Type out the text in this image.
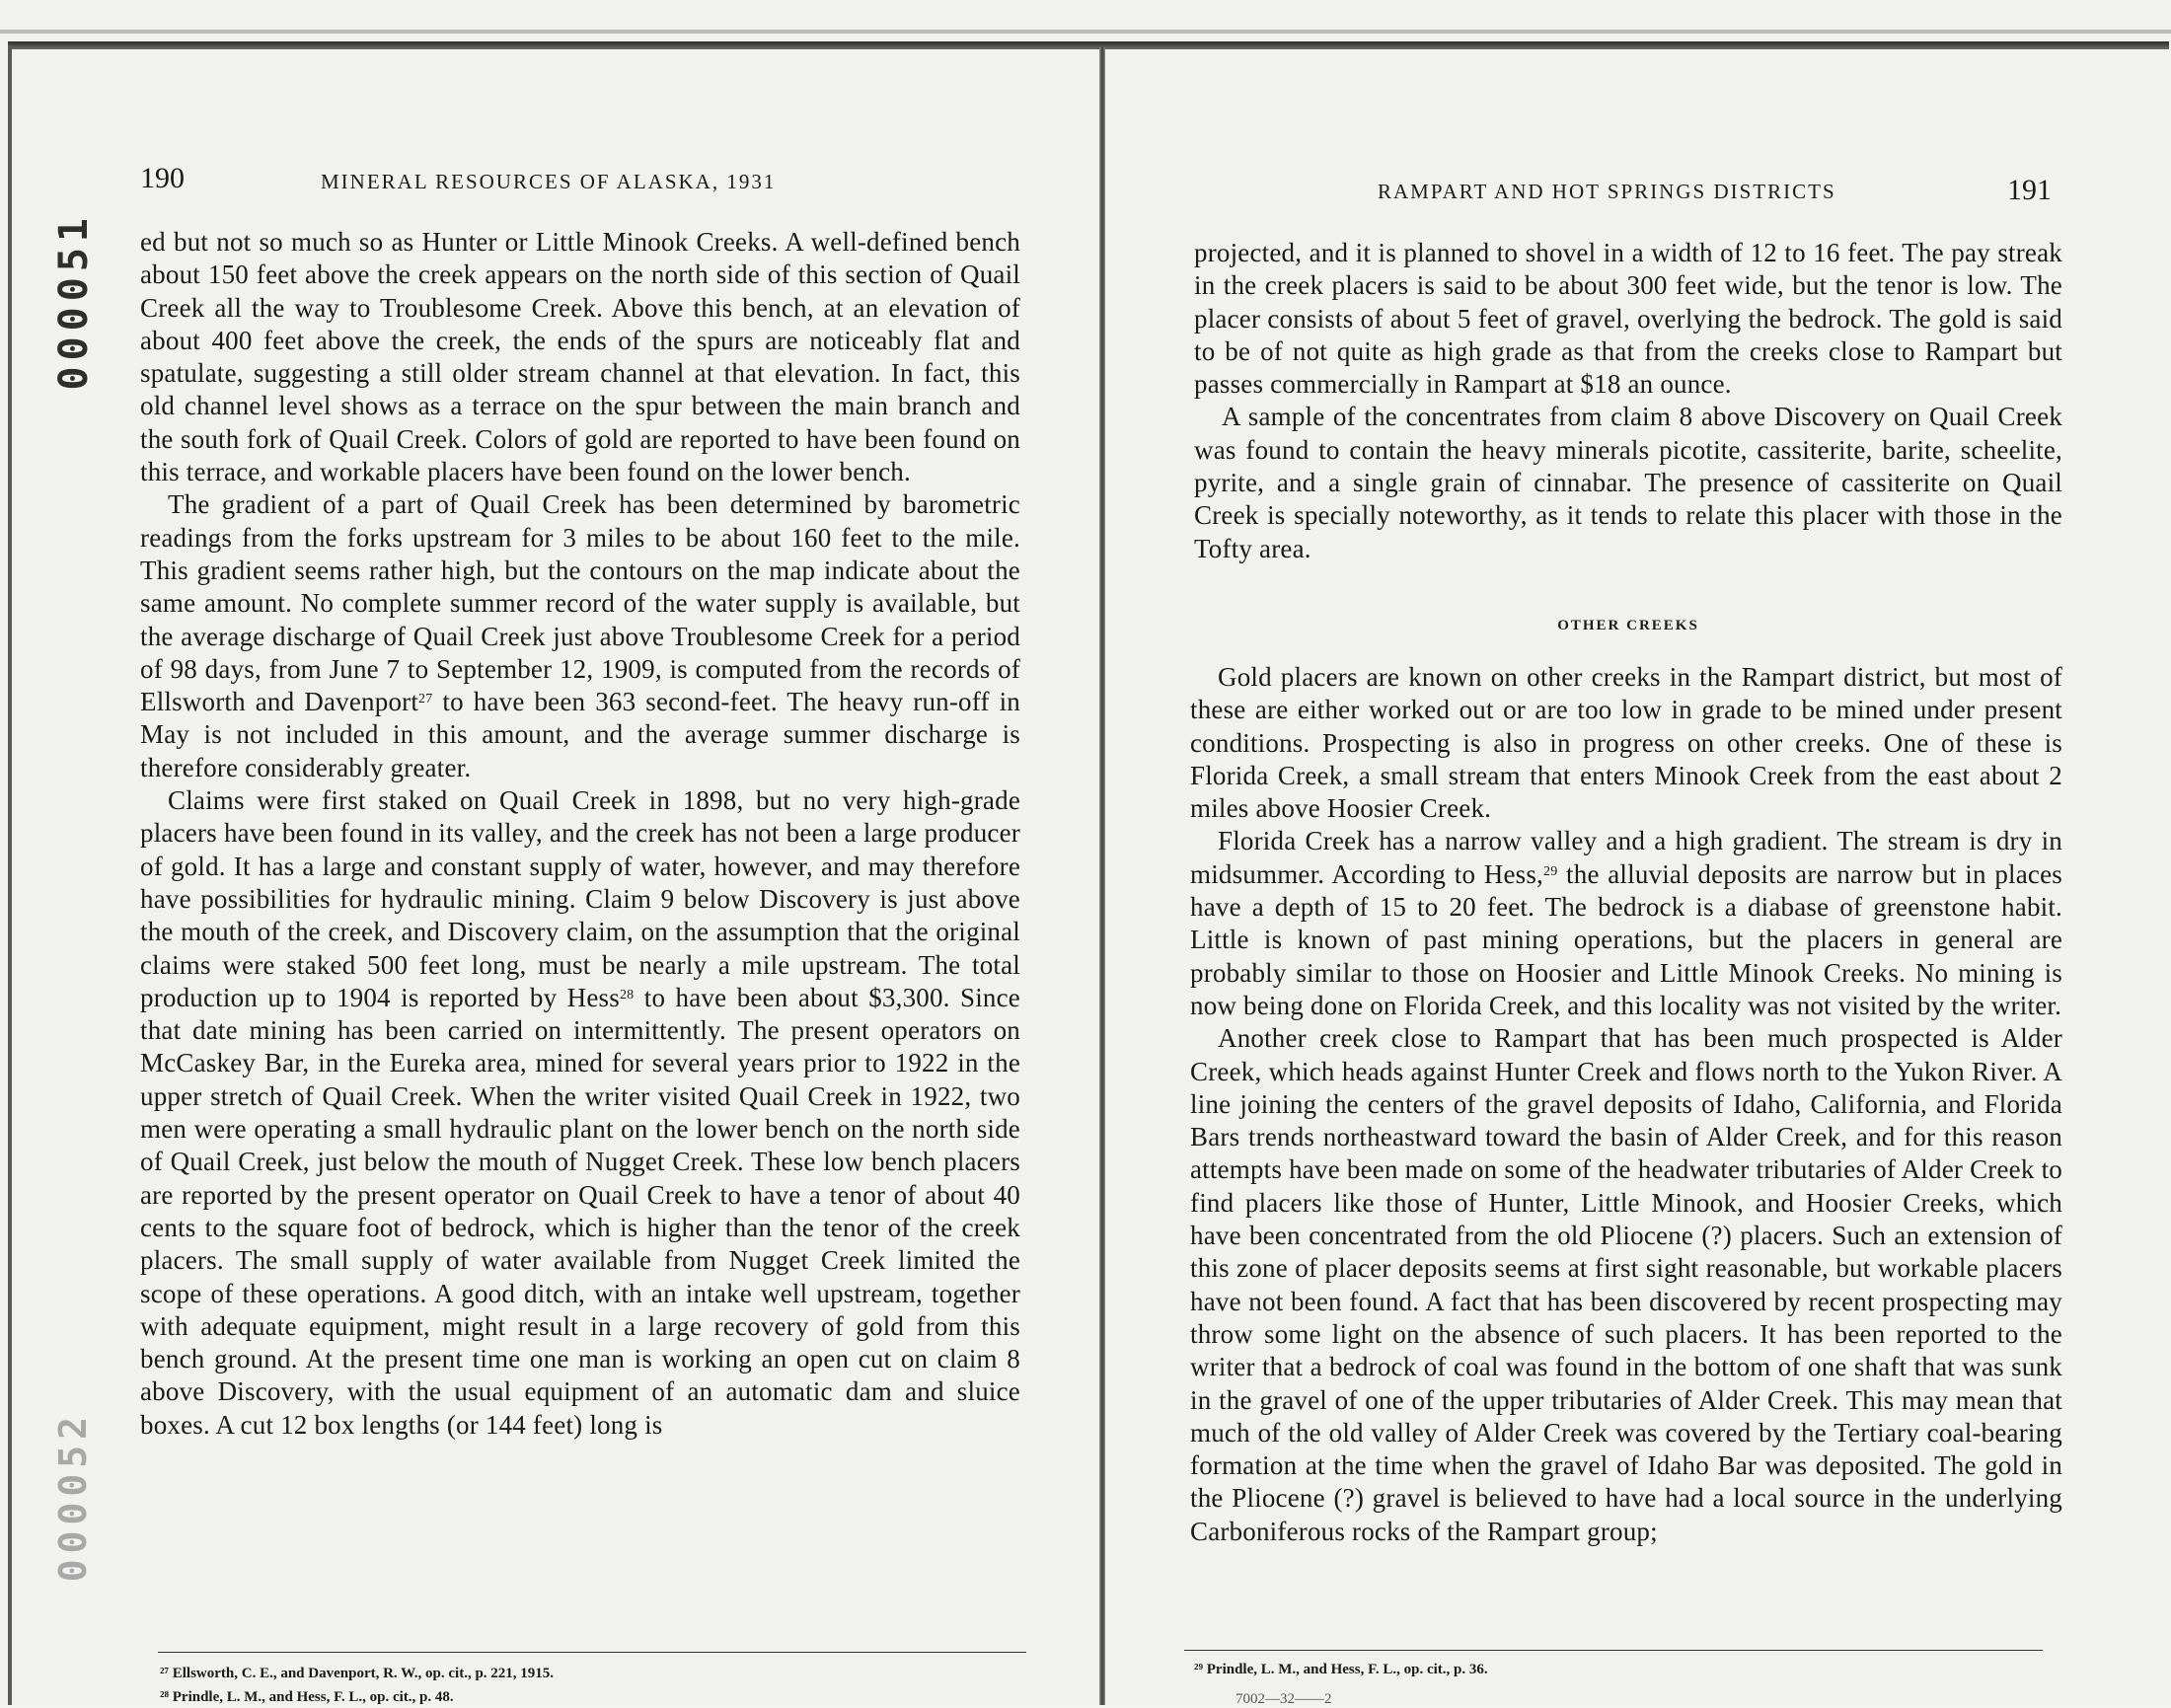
190	MINERAL RESOURCES OF ALASKA, 1931
000051
000052

ed but not so much so as Hunter or Little Minook Creeks. A well-defined bench about 150 feet above the creek appears on the north side of this section of Quail Creek all the way to Troublesome Creek. Above this bench, at an elevation of about 400 feet above the creek, the ends of the spurs are noticeably flat and spatulate, suggesting a still older stream channel at that elevation. In fact, this old channel level shows as a terrace on the spur between the main branch and the south fork of Quail Creek. Colors of gold are reported to have been found on this terrace, and workable placers have been found on the lower bench.

The gradient of a part of Quail Creek has been determined by barometric readings from the forks upstream for 3 miles to be about 160 feet to the mile. This gradient seems rather high, but the contours on the map indicate about the same amount. No complete summer record of the water supply is available, but the average discharge of Quail Creek just above Troublesome Creek for a period of 98 days, from June 7 to September 12, 1909, is computed from the records of Ellsworth and Davenport$^{27}$ to have been 363 second-feet. The heavy run-off in May is not included in this amount, and the average summer discharge is therefore considerably greater.

Claims were first staked on Quail Creek in 1898, but no very high-grade placers have been found in its valley, and the creek has not been a large producer of gold. It has a large and constant supply of water, however, and may therefore have possibilities for hydraulic mining. Claim 9 below Discovery is just above the mouth of the creek, and Discovery claim, on the assumption that the original claims were staked 500 feet long, must be nearly a mile upstream. The total production up to 1904 is reported by Hess$^{28}$ to have been about $3,300. Since that date mining has been carried on intermittently. The present operators on McCaskey Bar, in the Eureka area, mined for several years prior to 1922 in the upper stretch of Quail Creek. When the writer visited Quail Creek in 1922, two men were operating a small hydraulic plant on the lower bench on the north side of Quail Creek, just below the mouth of Nugget Creek. These low bench placers are reported by the present operator on Quail Creek to have a tenor of about 40 cents to the square foot of bedrock, which is higher than the tenor of the creek placers. The small supply of water available from Nugget Creek limited the scope of these operations. A good ditch, with an intake well upstream, together with adequate equipment, might result in a large recovery of gold from this bench ground. At the present time one man is working an open cut on claim 8 above Discovery, with the usual equipment of an automatic dam and sluice boxes. A cut 12 box lengths (or 144 feet) long is

²⁷ Ellsworth, C. E., and Davenport, R. W., op. cit., p. 221, 1915.
²⁸ Prindle, L. M., and Hess, F. L., op. cit., p. 48.
RAMPART AND HOT SPRINGS DISTRICTS	191

projected, and it is planned to shovel in a width of 12 to 16 feet. The pay streak in the creek placers is said to be about 300 feet wide, but the tenor is low. The placer consists of about 5 feet of gravel, overlying the bedrock. The gold is said to be of not quite as high grade as that from the creeks close to Rampart but passes commercially in Rampart at $18 an ounce.

A sample of the concentrates from claim 8 above Discovery on Quail Creek was found to contain the heavy minerals picotite, cassiterite, barite, scheelite, pyrite, and a single grain of cinnabar. The presence of cassiterite on Quail Creek is specially noteworthy, as it tends to relate this placer with those in the Tofty area.

OTHER CREEKS

Gold placers are known on other creeks in the Rampart district, but most of these are either worked out or are too low in grade to be mined under present conditions. Prospecting is also in progress on other creeks. One of these is Florida Creek, a small stream that enters Minook Creek from the east about 2 miles above Hoosier Creek.

Florida Creek has a narrow valley and a high gradient. The stream is dry in midsummer. According to Hess,$^{29}$ the alluvial deposits are narrow but in places have a depth of 15 to 20 feet. The bedrock is a diabase of greenstone habit. Little is known of past mining operations, but the placers in general are probably similar to those on Hoosier and Little Minook Creeks. No mining is now being done on Florida Creek, and this locality was not visited by the writer.

Another creek close to Rampart that has been much prospected is Alder Creek, which heads against Hunter Creek and flows north to the Yukon River. A line joining the centers of the gravel deposits of Idaho, California, and Florida Bars trends northeastward toward the basin of Alder Creek, and for this reason attempts have been made on some of the headwater tributaries of Alder Creek to find placers like those of Hunter, Little Minook, and Hoosier Creeks, which have been concentrated from the old Pliocene (?) placers. Such an extension of this zone of placer deposits seems at first sight reasonable, but workable placers have not been found. A fact that has been discovered by recent prospecting may throw some light on the absence of such placers. It has been reported to the writer that a bedrock of coal was found in the bottom of one shaft that was sunk in the gravel of one of the upper tributaries of Alder Creek. This may mean that much of the old valley of Alder Creek was covered by the Tertiary coal-bearing formation at the time when the gravel of Idaho Bar was deposited. The gold in the Pliocene (?) gravel is believed to have had a local source in the underlying Carboniferous rocks of the Rampart group;

²⁹ Prindle, L. M., and Hess, F. L., op. cit., p. 36.
7002—32——2
